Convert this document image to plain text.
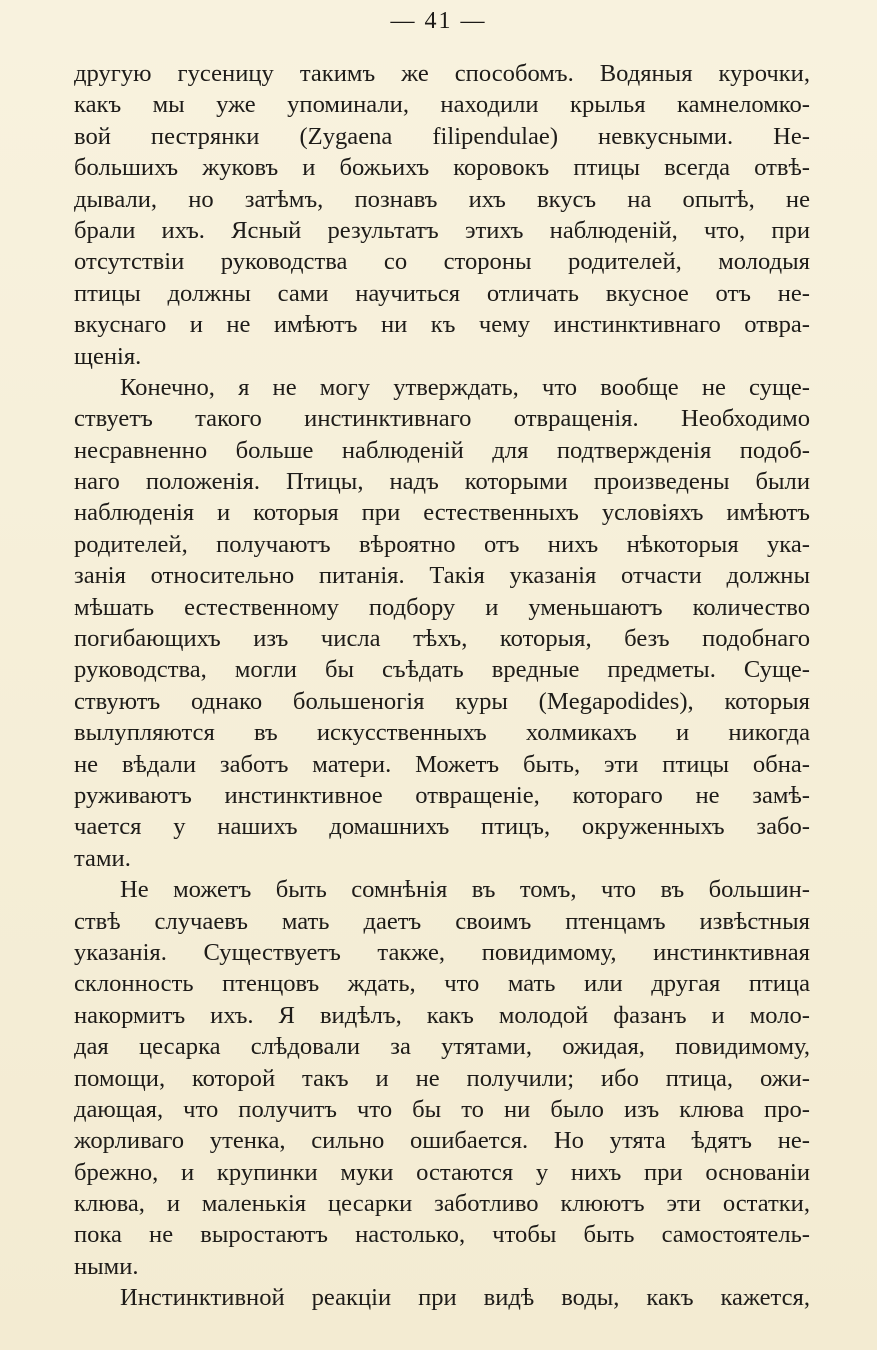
— 41 —
другую гусеницу такимъ же способомъ. Водяныя курочки,
какъ мы уже упоминали, находили крылья камнеломко-
вой пестрянки (Zygaena filipendulae) невкусными. Не-
большихъ жуковъ и божьихъ коровокъ птицы всегда отвѣ-
дывали, но затѣмъ, познавъ ихъ вкусъ на опытѣ, не
брали ихъ. Ясный результатъ этихъ наблюденій, что, при
отсутствіи руководства со стороны родителей, молодыя
птицы должны сами научиться отличать вкусное отъ не-
вкуснаго и не имѣютъ ни къ чему инстинктивнаго отвра-
щенія.
Конечно, я не могу утверждать, что вообще не суще-
ствуетъ такого инстинктивнаго отвращенія. Необходимо
несравненно больше наблюденій для подтвержденія подоб-
наго положенія. Птицы, надъ которыми произведены были
наблюденія и которыя при естественныхъ условіяхъ имѣютъ
родителей, получаютъ вѣроятно отъ нихъ нѣкоторыя ука-
занія относительно питанія. Такія указанія отчасти должны
мѣшать естественному подбору и уменьшаютъ количество
погибающихъ изъ числа тѣхъ, которыя, безъ подобнаго
руководства, могли бы съѣдать вредные предметы. Суще-
ствуютъ однако большеногія куры (Megapodides), которыя
вылупляются въ искусственныхъ холмикахъ и никогда
не вѣдали заботъ матери. Можетъ быть, эти птицы обна-
руживаютъ инстинктивное отвращеніе, котораго не замѣ-
чается у нашихъ домашнихъ птицъ, окруженныхъ забо-
тами.
Не можетъ быть сомнѣнія въ томъ, что въ большин-
ствѣ случаевъ мать даетъ своимъ птенцамъ извѣстныя
указанія. Существуетъ также, повидимому, инстинктивная
склонность птенцовъ ждать, что мать или другая птица
накормитъ ихъ. Я видѣлъ, какъ молодой фазанъ и моло-
дая цесарка слѣдовали за утятами, ожидая, повидимому,
помощи, которой такъ и не получили; ибо птица, ожи-
дающая, что получитъ что бы то ни было изъ клюва про-
жорливаго утенка, сильно ошибается. Но утята ѣдятъ не-
брежно, и крупинки муки остаются у нихъ при основаніи
клюва, и маленькія цесарки заботливо клюютъ эти остатки,
пока не выростаютъ настолько, чтобы быть самостоятель-
ными.
Инстинктивной реакціи при видѣ воды, какъ кажется,
